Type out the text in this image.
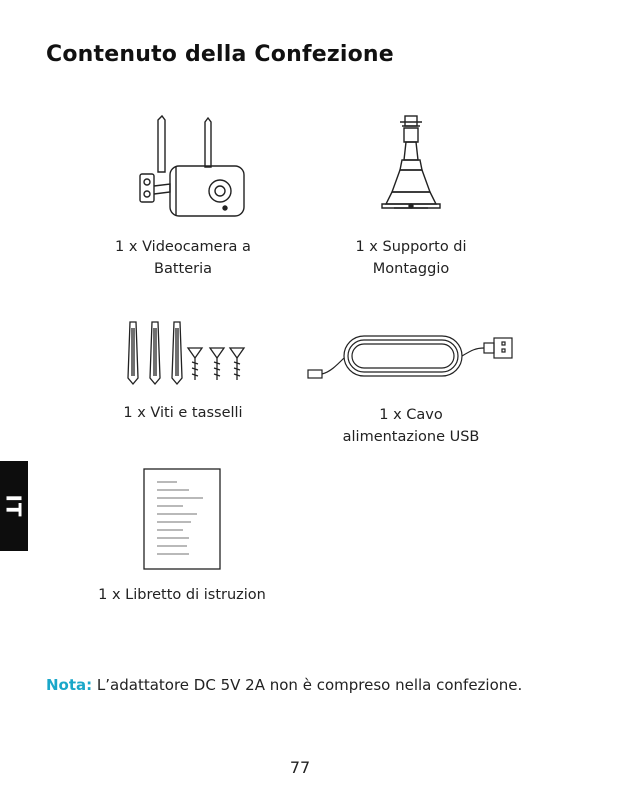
Contenuto della Confezione
1 x Videocamera a
Batteria
1 x Supporto di
Montaggio
1 x Viti e tasselli	1 x Cavo
alimentazione USB
1 x Libretto di istruzion
IT
Nota: L’adattatore DC 5V 2A non è compreso nella confezione.
77
